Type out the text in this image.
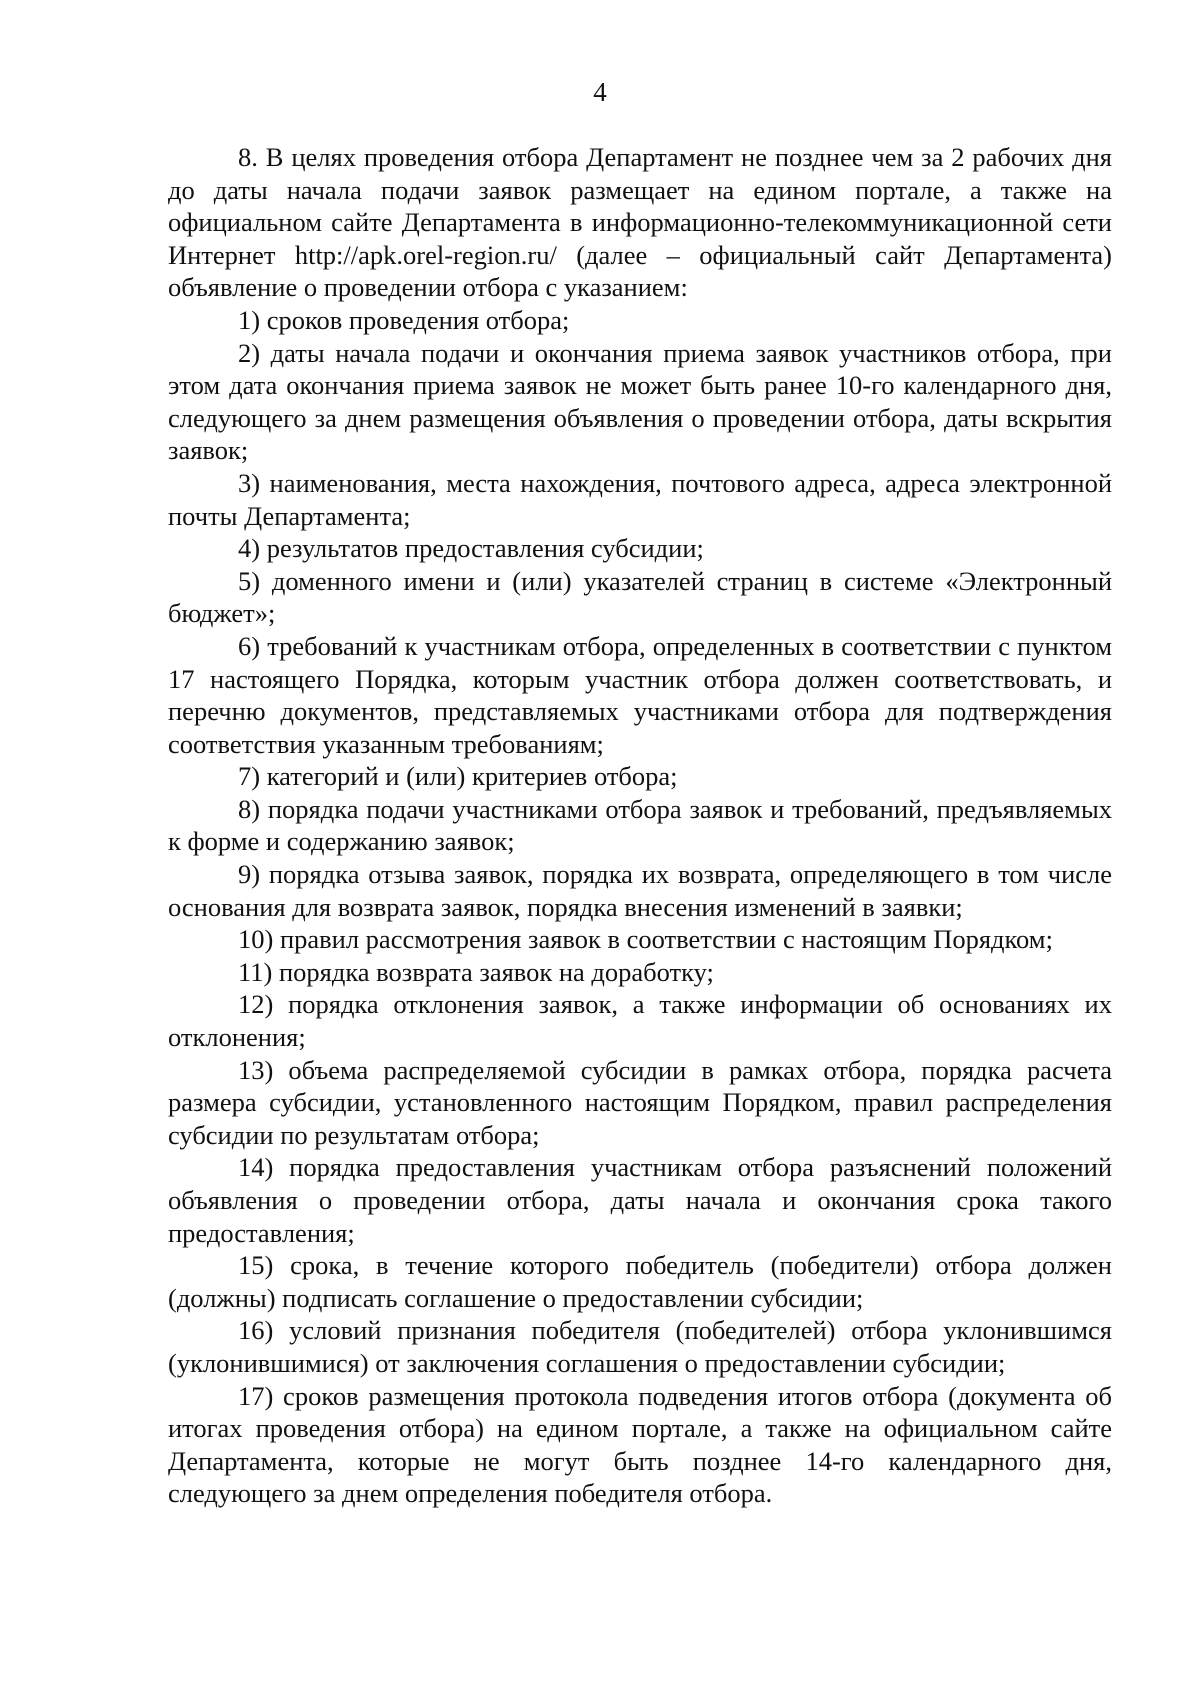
4

8. В целях проведения отбора Департамент не позднее чем за 2 рабочих дня до даты начала подачи заявок размещает на едином портале, а также на официальном сайте Департамента в информационно-телекоммуникационной сети Интернет http://apk.orel-region.ru/ (далее – официальный сайт Департамента) объявление о проведении отбора с указанием:

1) сроков проведения отбора;

2) даты начала подачи и окончания приема заявок участников отбора, при этом дата окончания приема заявок не может быть ранее 10-го календарного дня, следующего за днем размещения объявления о проведении отбора, даты вскрытия заявок;

3) наименования, места нахождения, почтового адреса, адреса электронной почты Департамента;

4) результатов предоставления субсидии;

5) доменного имени и (или) указателей страниц в системе «Электронный бюджет»;

6) требований к участникам отбора, определенных в соответствии с пунктом 17 настоящего Порядка, которым участник отбора должен соответствовать, и перечню документов, представляемых участниками отбора для подтверждения соответствия указанным требованиям;

7) категорий и (или) критериев отбора;

8) порядка подачи участниками отбора заявок и требований, предъявляемых к форме и содержанию заявок;

9) порядка отзыва заявок, порядка их возврата, определяющего в том числе основания для возврата заявок, порядка внесения изменений в заявки;

10) правил рассмотрения заявок в соответствии с настоящим Порядком;

11) порядка возврата заявок на доработку;

12) порядка отклонения заявок, а также информации об основаниях их отклонения;

13) объема распределяемой субсидии в рамках отбора, порядка расчета размера субсидии, установленного настоящим Порядком, правил распределения субсидии по результатам отбора;

14) порядка предоставления участникам отбора разъяснений положений объявления о проведении отбора, даты начала и окончания срока такого предоставления;

15) срока, в течение которого победитель (победители) отбора должен (должны) подписать соглашение о предоставлении субсидии;

16) условий признания победителя (победителей) отбора уклонившимся (уклонившимися) от заключения соглашения о предоставлении субсидии;

17) сроков размещения протокола подведения итогов отбора (документа об итогах проведения отбора) на едином портале, а также на официальном сайте Департамента, которые не могут быть позднее 14-го календарного дня, следующего за днем определения победителя отбора.
